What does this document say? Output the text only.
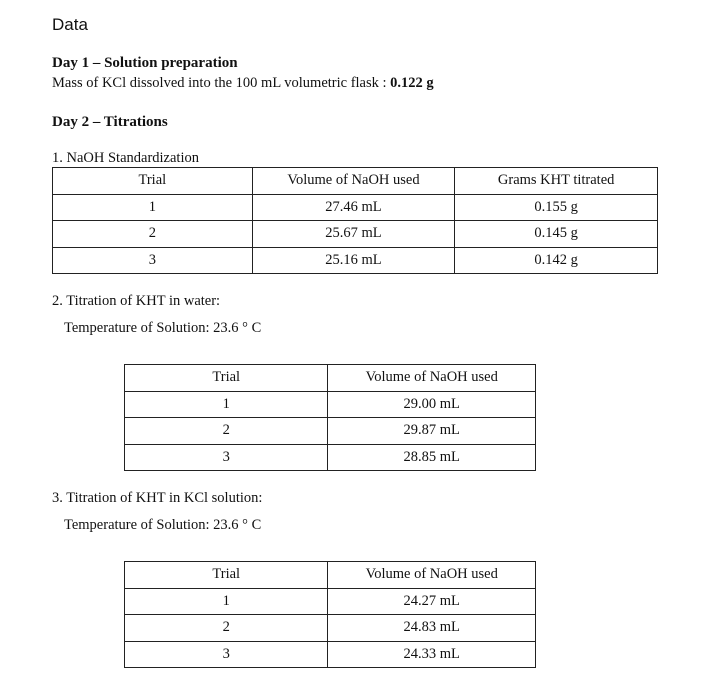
Data
Day 1 – Solution preparation
Mass of KCl dissolved into the 100 mL volumetric flask : 0.122 g
Day 2 – Titrations
1. NaOH Standardization
Trial	Volume of NaOH used	Grams KHT titrated
1	27.46 mL	0.155 g
2	25.67 mL	0.145 g
3	25.16 mL	0.142 g
2. Titration of KHT in water:
Temperature of Solution: 23.6 ° C
Trial	Volume of NaOH used
1	29.00 mL
2	29.87 mL
3	28.85 mL
3. Titration of KHT in KCl solution:
Temperature of Solution: 23.6 ° C
Trial	Volume of NaOH used
1	24.27 mL
2	24.83 mL
3	24.33 mL
